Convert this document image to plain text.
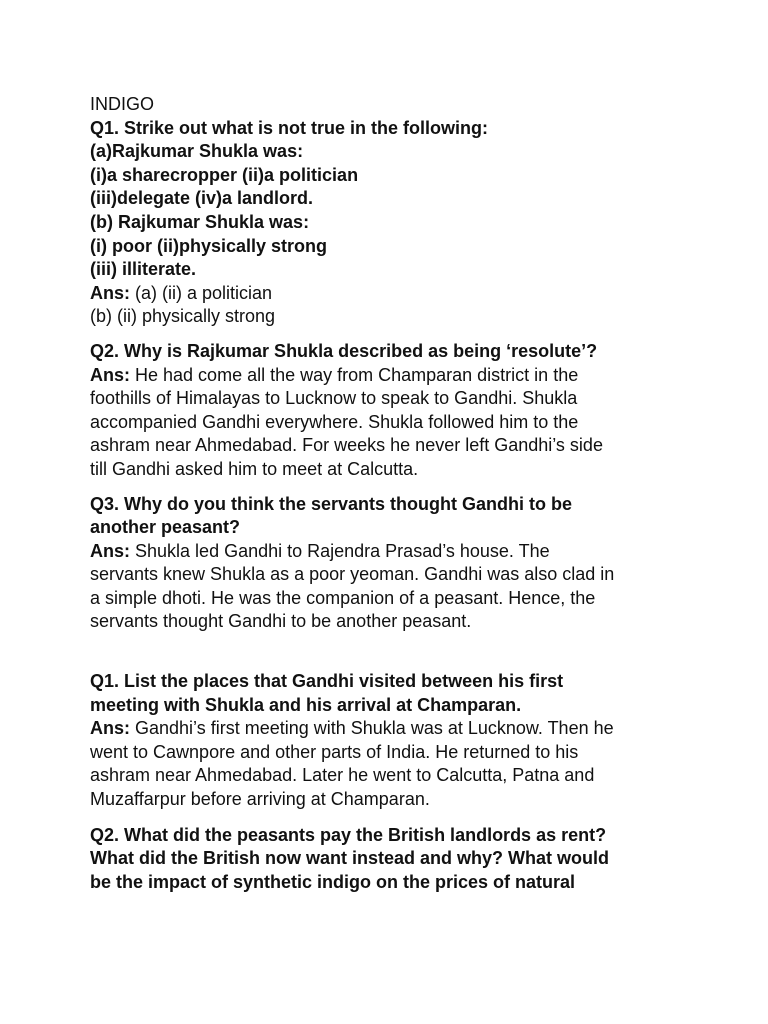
INDIGO

Q1. Strike out what is not true in the following:

(a)Rajkumar Shukla was:

(i)a sharecropper (ii)a politician

(iii)delegate (iv)a landlord.

(b) Rajkumar Shukla was:

(i) poor (ii)physically strong

(iii) illiterate.

Ans: (a) (ii) a politician

(b) (ii) physically strong

Q2. Why is Rajkumar Shukla described as being ‘resolute’?

Ans: He had come all the way from Champaran district in the

foothills of Himalayas to Lucknow to speak to Gandhi. Shukla

accompanied Gandhi everywhere. Shukla followed him to the

ashram near Ahmedabad. For weeks he never left Gandhi’s side

till Gandhi asked him to meet at Calcutta.

Q3. Why do you think the servants thought Gandhi to be

another peasant?

Ans: Shukla led Gandhi to Rajendra Prasad’s house. The

servants knew Shukla as a poor yeoman. Gandhi was also clad in

a simple dhoti. He was the companion of a peasant. Hence, the

servants thought Gandhi to be another peasant.

Q1. List the places that Gandhi visited between his first

meeting with Shukla and his arrival at Champaran.

Ans: Gandhi’s first meeting with Shukla was at Lucknow. Then he

went to Cawnpore and other parts of India. He returned to his

ashram near Ahmedabad. Later he went to Calcutta, Patna and

Muzaffarpur before arriving at Champaran.

Q2. What did the peasants pay the British landlords as rent?

What did the British now want instead and why? What would

be the impact of synthetic indigo on the prices of natural
